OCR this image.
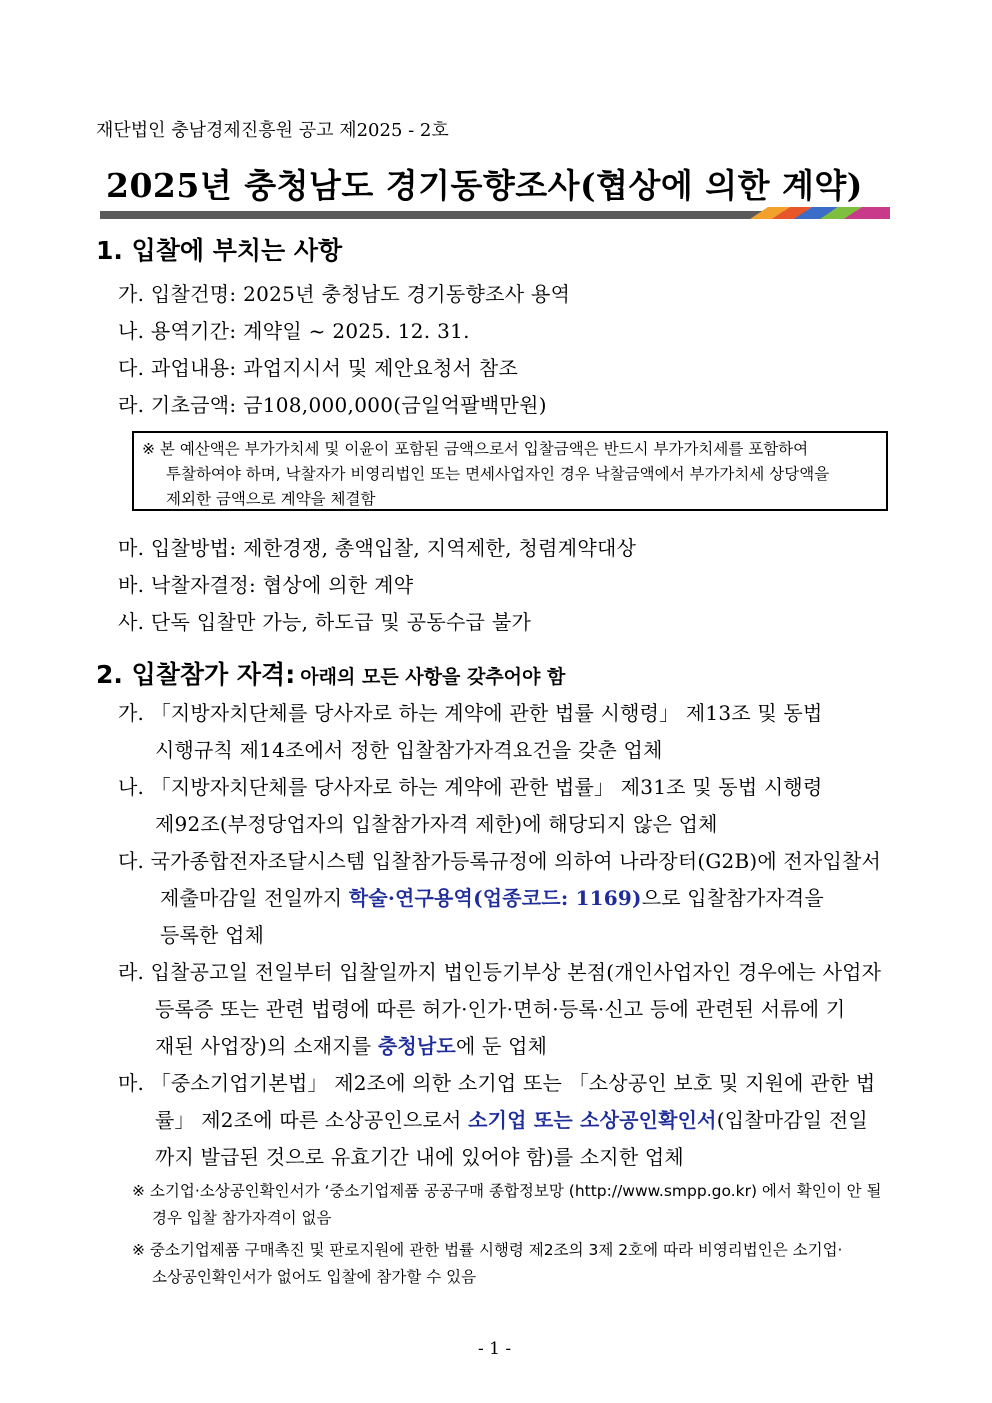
재단법인 충남경제진흥원 공고 제2025 - 2호
2025년 충청남도 경기동향조사(협상에 의한 계약)
1. 입찰에 부치는 사항
가. 입찰건명: 2025년 충청남도 경기동향조사 용역
나. 용역기간: 계약일 ~ 2025. 12. 31.
다. 과업내용: 과업지시서 및 제안요청서 참조
라. 기초금액: 금108,000,000(금일억팔백만원)
※ 본 예산액은 부가가치세 및 이윤이 포함된 금액으로서 입찰금액은 반드시 부가가치세를 포함하여
투찰하여야 하며, 낙찰자가 비영리법인 또는 면세사업자인 경우 낙찰금액에서 부가가치세 상당액을
제외한 금액으로 계약을 체결함
마. 입찰방법: 제한경쟁, 총액입찰, 지역제한, 청렴계약대상
바. 낙찰자결정: 협상에 의한 계약
사. 단독 입찰만 가능, 하도급 및 공동수급 불가
2. 입찰참가 자격: 아래의 모든 사항을 갖추어야 함
가. 「지방자치단체를 당사자로 하는 계약에 관한 법률 시행령」 제13조 및 동법
시행규칙 제14조에서 정한 입찰참가자격요건을 갖춘 업체
나. 「지방자치단체를 당사자로 하는 계약에 관한 법률」 제31조 및 동법 시행령
제92조(부정당업자의 입찰참가자격 제한)에 해당되지 않은 업체
다. 국가종합전자조달시스템 입찰참가등록규정에 의하여 나라장터(G2B)에 전자입찰서
제출마감일 전일까지 학술·연구용역(업종코드: 1169)으로 입찰참가자격을
등록한 업체
라. 입찰공고일 전일부터 입찰일까지 법인등기부상 본점(개인사업자인 경우에는 사업자
등록증 또는 관련 법령에 따른 허가·인가·면허·등록·신고 등에 관련된 서류에 기
재된 사업장)의 소재지를 충청남도에 둔 업체
마. 「중소기업기본법」 제2조에 의한 소기업 또는 「소상공인 보호 및 지원에 관한 법
률」 제2조에 따른 소상공인으로서 소기업 또는 소상공인확인서(입찰마감일 전일
까지 발급된 것으로 유효기간 내에 있어야 함)를 소지한 업체
※ 소기업·소상공인확인서가 ‘중소기업제품 공공구매 종합정보망 (http://www.smpp.go.kr) 에서 확인이 안 될
경우 입찰 참가자격이 없음
※ 중소기업제품 구매촉진 및 판로지원에 관한 법률 시행령 제2조의 3제 2호에 따라 비영리법인은 소기업·
소상공인확인서가 없어도 입찰에 참가할 수 있음
- 1 -
